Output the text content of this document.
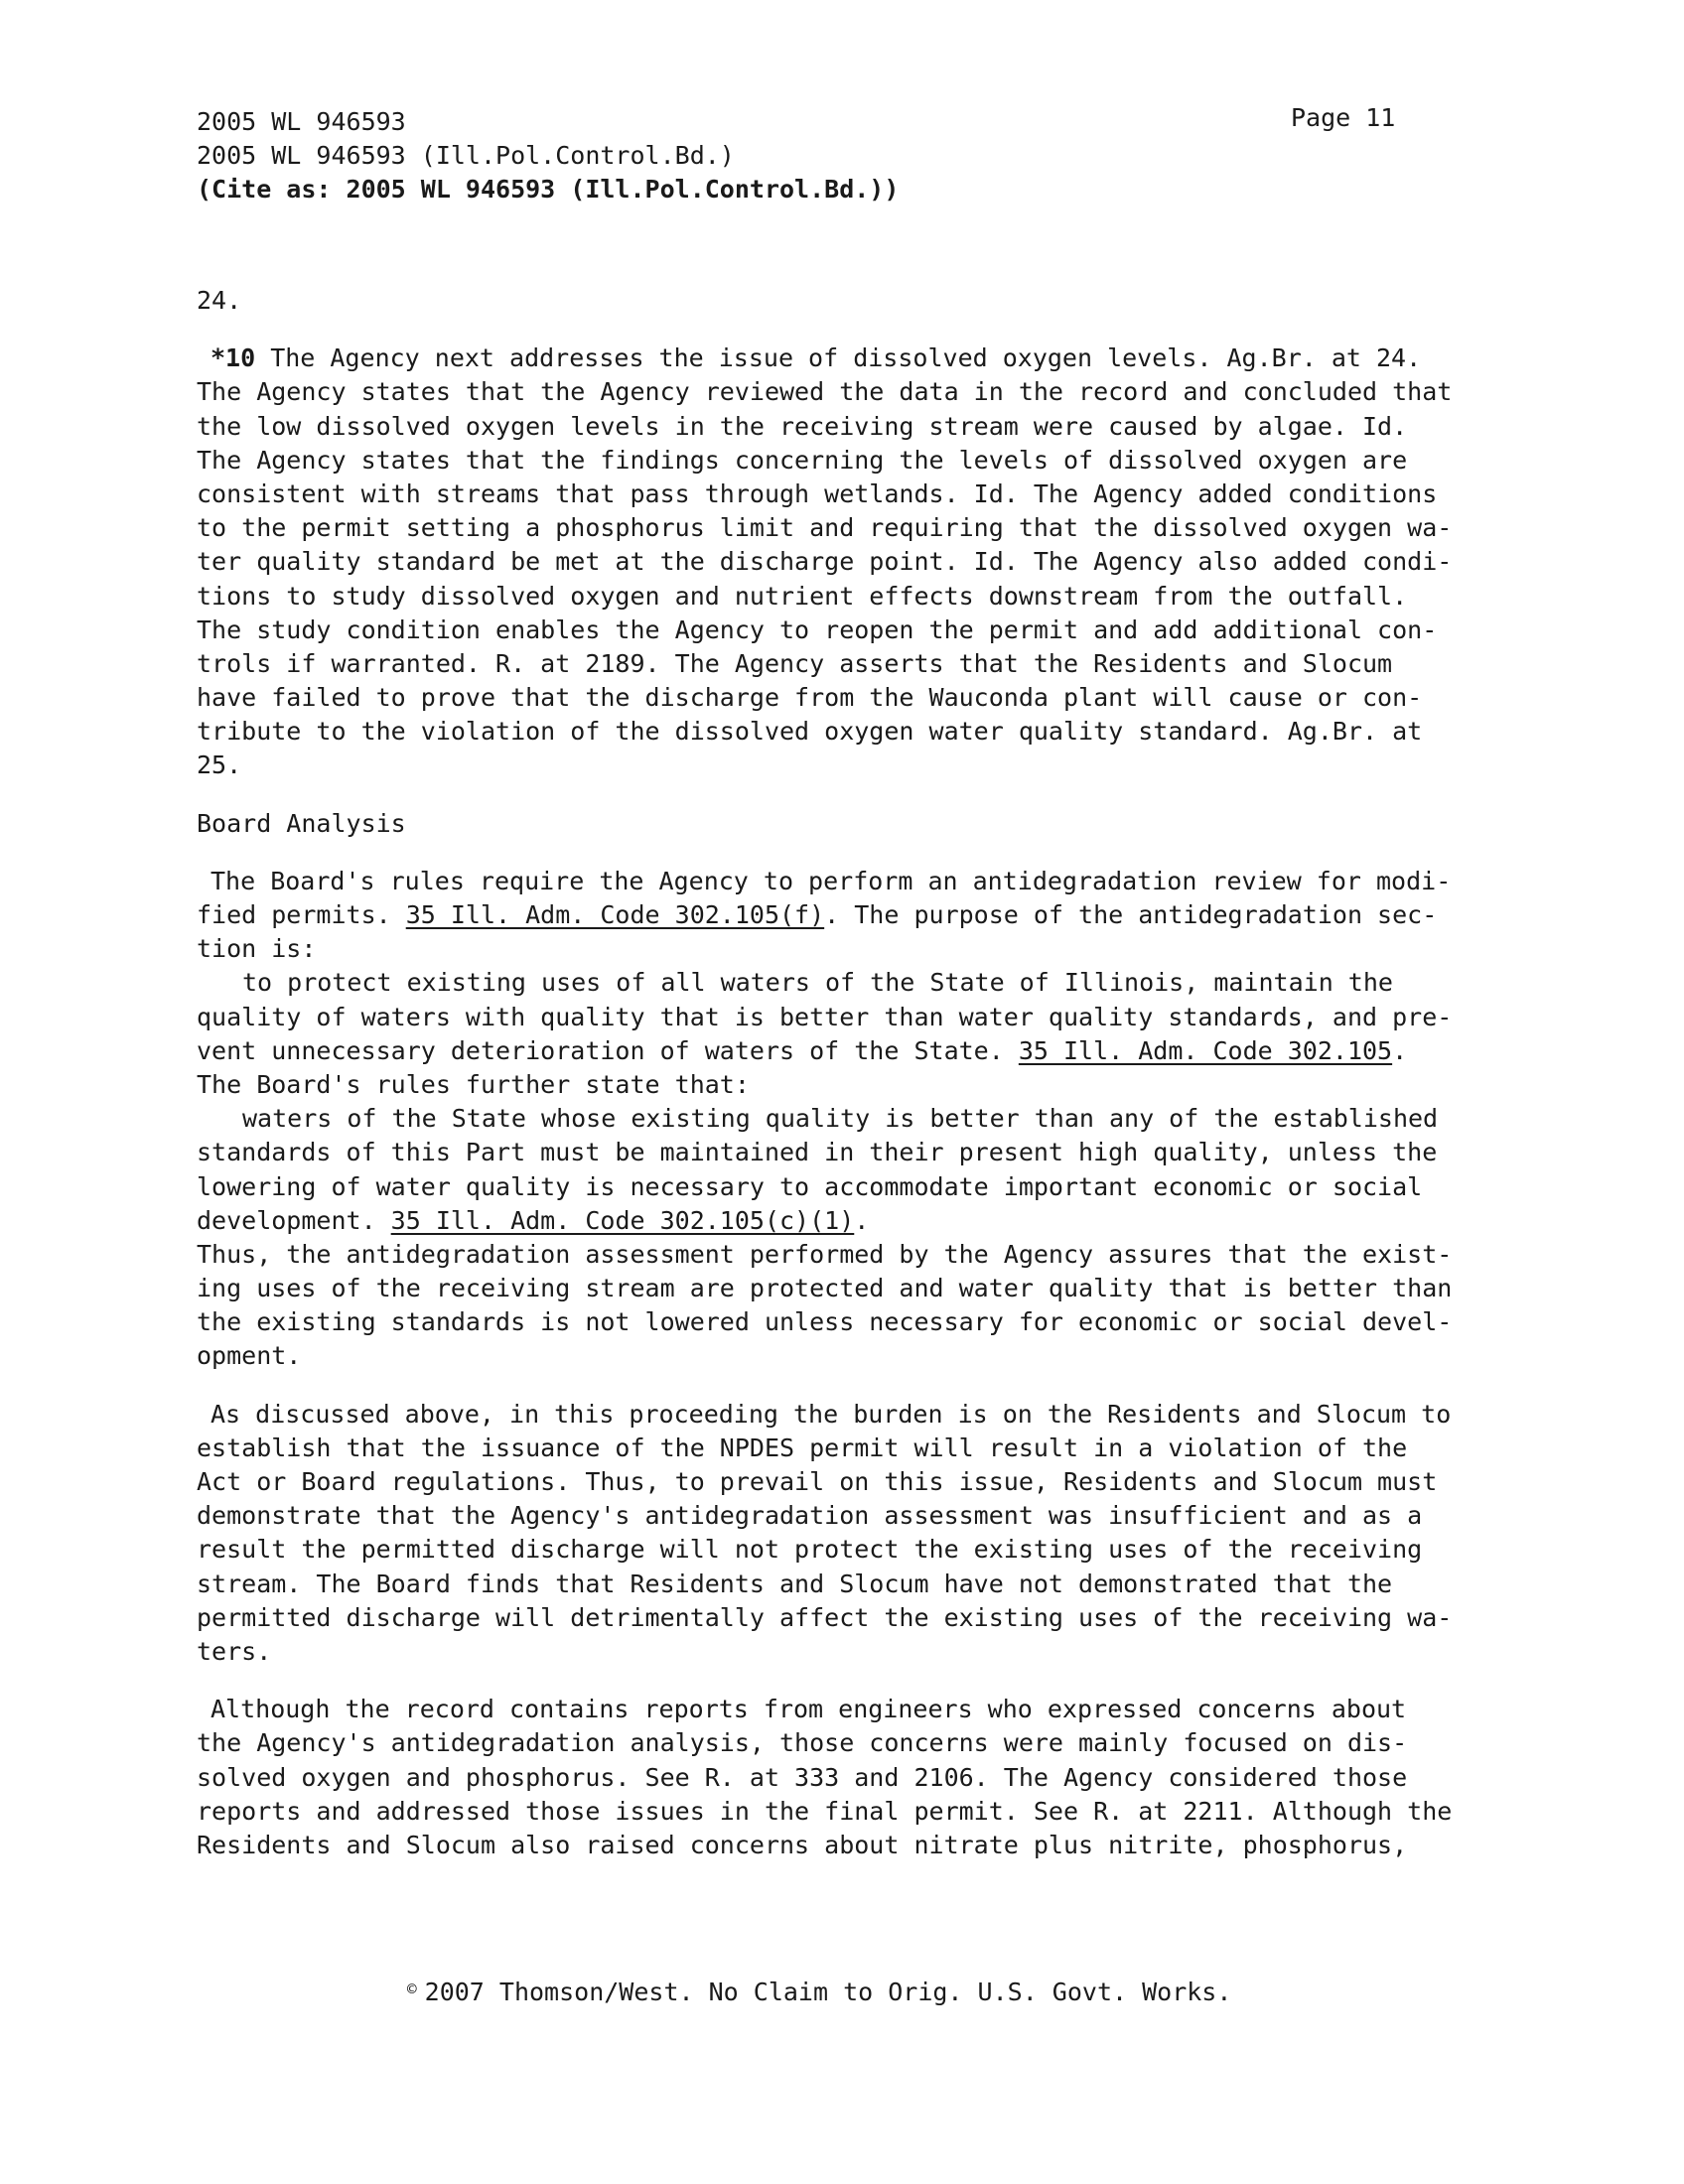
2005 WL 946593
2005 WL 946593 (Ill.Pol.Control.Bd.)
(Cite as: 2005 WL 946593 (Ill.Pol.Control.Bd.))
Page 11
24.
*10 The Agency next addresses the issue of dissolved oxygen levels. Ag.Br. at 24.
The Agency states that the Agency reviewed the data in the record and concluded that
the low dissolved oxygen levels in the receiving stream were caused by algae. Id.
The Agency states that the findings concerning the levels of dissolved oxygen are
consistent with streams that pass through wetlands. Id. The Agency added conditions
to the permit setting a phosphorus limit and requiring that the dissolved oxygen wa-
ter quality standard be met at the discharge point. Id. The Agency also added condi-
tions to study dissolved oxygen and nutrient effects downstream from the outfall.
The study condition enables the Agency to reopen the permit and add additional con-
trols if warranted. R. at 2189. The Agency asserts that the Residents and Slocum
have failed to prove that the discharge from the Wauconda plant will cause or con-
tribute to the violation of the dissolved oxygen water quality standard. Ag.Br. at
25.
Board Analysis
The Board's rules require the Agency to perform an antidegradation review for modi-
fied permits. 35 Ill. Adm. Code 302.105(f). The purpose of the antidegradation sec-
tion is:
to protect existing uses of all waters of the State of Illinois, maintain the
quality of waters with quality that is better than water quality standards, and pre-
vent unnecessary deterioration of waters of the State. 35 Ill. Adm. Code 302.105.
The Board's rules further state that:
waters of the State whose existing quality is better than any of the established
standards of this Part must be maintained in their present high quality, unless the
lowering of water quality is necessary to accommodate important economic or social
development. 35 Ill. Adm. Code 302.105(c)(1).
Thus, the antidegradation assessment performed by the Agency assures that the exist-
ing uses of the receiving stream are protected and water quality that is better than
the existing standards is not lowered unless necessary for economic or social devel-
opment.
As discussed above, in this proceeding the burden is on the Residents and Slocum to
establish that the issuance of the NPDES permit will result in a violation of the
Act or Board regulations. Thus, to prevail on this issue, Residents and Slocum must
demonstrate that the Agency's antidegradation assessment was insufficient and as a
result the permitted discharge will not protect the existing uses of the receiving
stream. The Board finds that Residents and Slocum have not demonstrated that the
permitted discharge will detrimentally affect the existing uses of the receiving wa-
ters.
Although the record contains reports from engineers who expressed concerns about
the Agency's antidegradation analysis, those concerns were mainly focused on dis-
solved oxygen and phosphorus. See R. at 333 and 2106. The Agency considered those
reports and addressed those issues in the final permit. See R. at 2211. Although the
Residents and Slocum also raised concerns about nitrate plus nitrite, phosphorus,
© 2007 Thomson/West. No Claim to Orig. U.S. Govt. Works.
